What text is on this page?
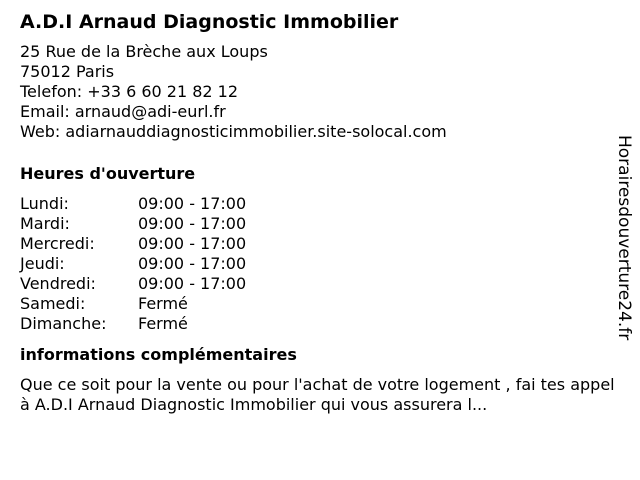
A.D.I Arnaud Diagnostic Immobilier
25 Rue de la Brèche aux Loups
75012 Paris
Telefon: +33 6 60 21 82 12
Email: arnaud@adi-eurl.fr
Web: adiarnauddiagnosticimmobilier.site-solocal.com
Heures d'ouverture
Lundi:	09:00 - 17:00
Mardi:	09:00 - 17:00
Mercredi:	09:00 - 17:00
Jeudi:	09:00 - 17:00
Vendredi:	09:00 - 17:00
Samedi:	Fermé
Dimanche:	Fermé
informations complémentaires
Que ce soit pour la vente ou pour l'achat de votre logement , fai tes appel à A.D.I Arnaud Diagnostic Immobilier qui vous assurera l...
Horairesdouverture24.fr
